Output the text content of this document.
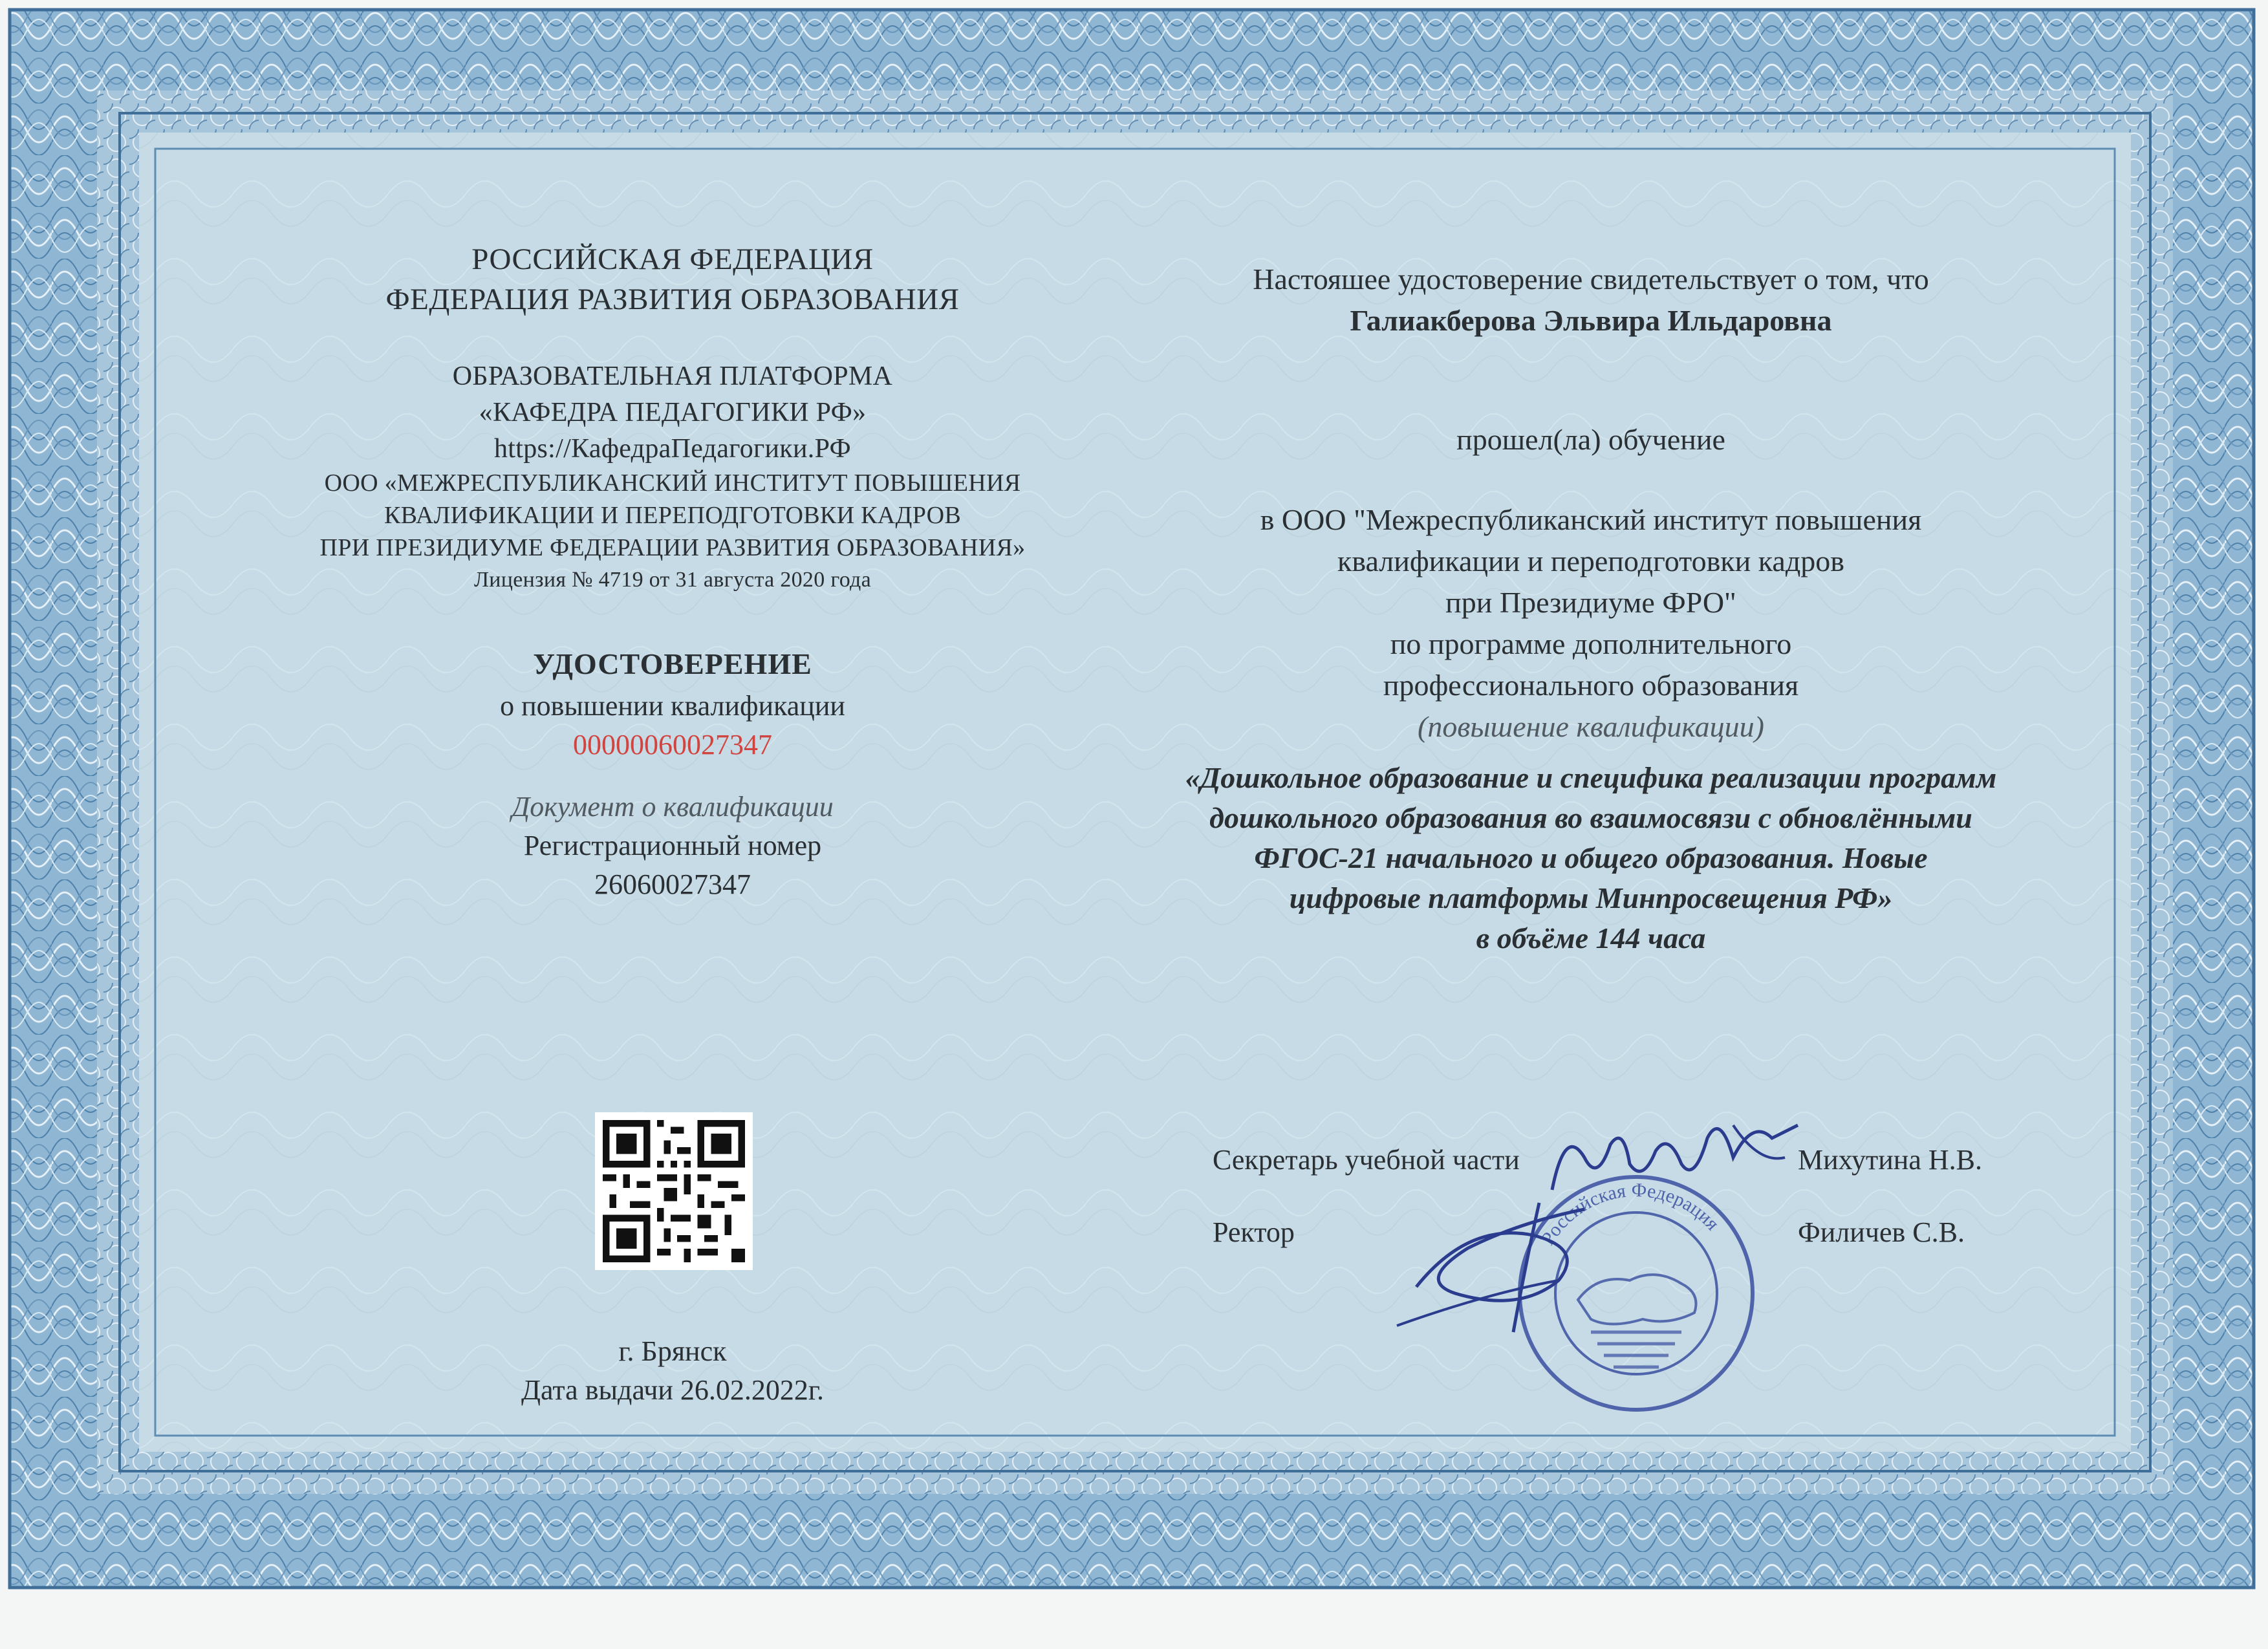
РОССИЙСКАЯ ФЕДЕРАЦИЯ
ФЕДЕРАЦИЯ РАЗВИТИЯ ОБРАЗОВАНИЯ
ОБРАЗОВАТЕЛЬНАЯ ПЛАТФОРМА
«КАФЕДРА ПЕДАГОГИКИ РФ»
https://КафедраПедагогики.РФ
ООО «МЕЖРЕСПУБЛИКАНСКИЙ ИНСТИТУТ ПОВЫШЕНИЯ
КВАЛИФИКАЦИИ И ПЕРЕПОДГОТОВКИ КАДРОВ
ПРИ ПРЕЗИДИУМЕ ФЕДЕРАЦИИ РАЗВИТИЯ ОБРАЗОВАНИЯ»
Лицензия № 4719 от 31 августа 2020 года
УДОСТОВЕРЕНИЕ
о повышении квалификации
00000060027347
Документ о квалификации
Регистрационный номер
26060027347
г. Брянск
Дата выдачи 26.02.2022г.
Настояшее удостоверение свидетельствует о том, что
Галиакберова Эльвира Ильдаровна
прошел(ла) обучение
в ООО "Межреспубликанский институт повышения
квалификации и переподготовки кадров
при Президиуме ФРО"
по программе дополнительного
профессионального образования
(повышение квалификации)
«Дошкольное образование и специфика реализации программ
дошкольного образования во взаимосвязи с обновлёнными
ФГОС-21 начального и общего образования. Новые
цифровые платформы Минпросвещения РФ»
в объёме 144 часа
Секретарь учебной части	Михутина Н.В.
Ректор	Филичев С.В.
Российская Федерация
